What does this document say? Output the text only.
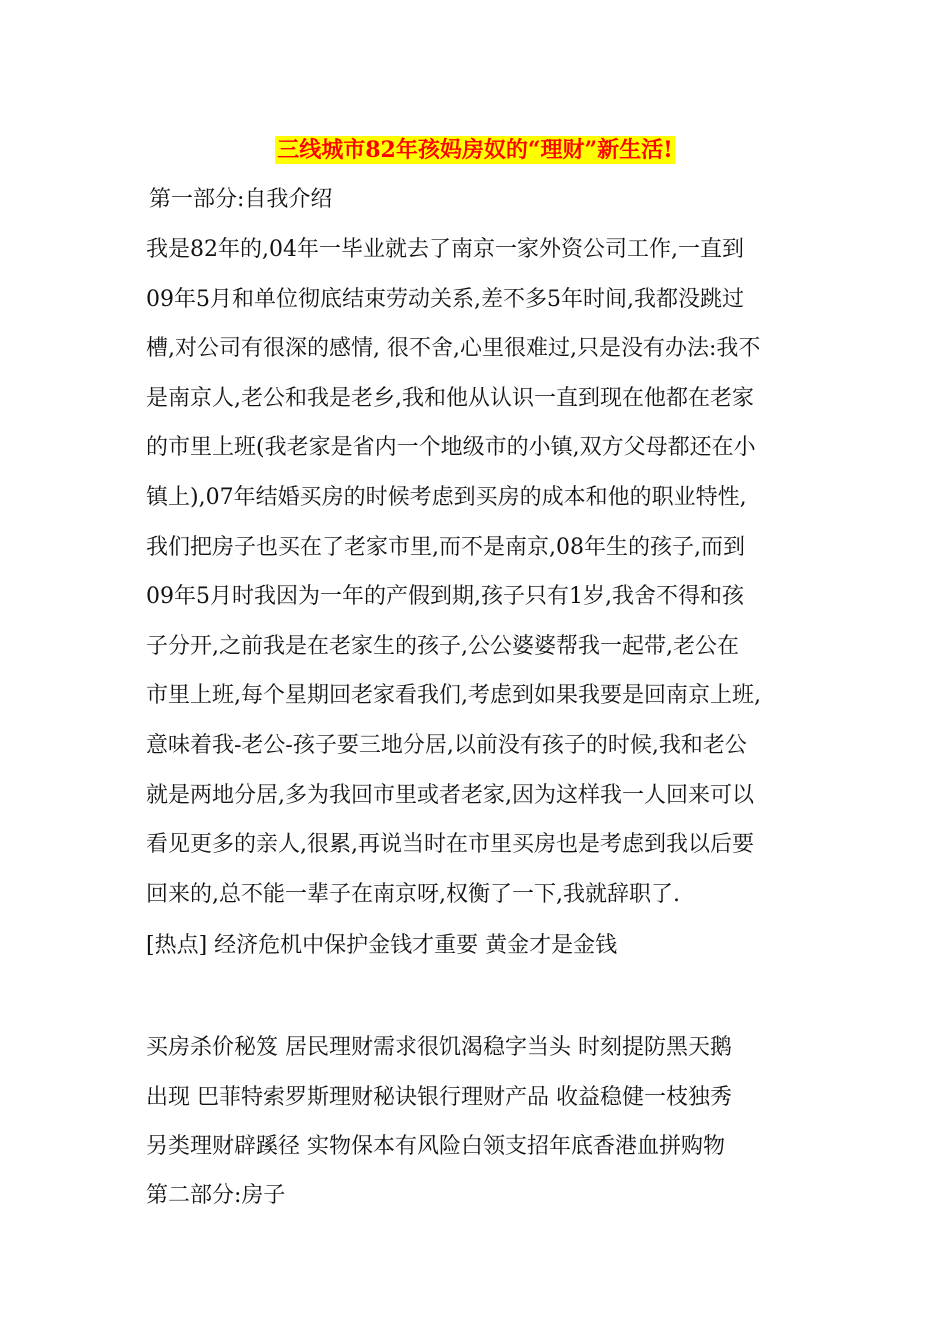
三线城市82年孩妈房奴的“理财”新生活!
第一部分:自我介绍
我是82年的,04年一毕业就去了南京一家外资公司工作,一直到
09年5月和单位彻底结束劳动关系,差不多5年时间,我都没跳过
槽,对公司有很深的感情, 很不舍,心里很难过,只是没有办法:我不
是南京人,老公和我是老乡,我和他从认识一直到现在他都在老家
的市里上班(我老家是省内一个地级市的小镇,双方父母都还在小
镇上),07年结婚买房的时候考虑到买房的成本和他的职业特性,
我们把房子也买在了老家市里,而不是南京,08年生的孩子,而到
09年5月时我因为一年的产假到期,孩子只有1岁,我舍不得和孩
子分开,之前我是在老家生的孩子,公公婆婆帮我一起带,老公在
市里上班,每个星期回老家看我们,考虑到如果我要是回南京上班,
意味着我-老公-孩子要三地分居,以前没有孩子的时候,我和老公
就是两地分居,多为我回市里或者老家,因为这样我一人回来可以
看见更多的亲人,很累,再说当时在市里买房也是考虑到我以后要
回来的,总不能一辈子在南京呀,权衡了一下,我就辞职了.
[热点] 经济危机中保护金钱才重要 黄金才是金钱
买房杀价秘笈 居民理财需求很饥渴稳字当头 时刻提防黑天鹅
出现 巴菲特索罗斯理财秘诀银行理财产品 收益稳健一枝独秀
另类理财辟蹊径 实物保本有风险白领支招年底香港血拼购物
第二部分:房子
